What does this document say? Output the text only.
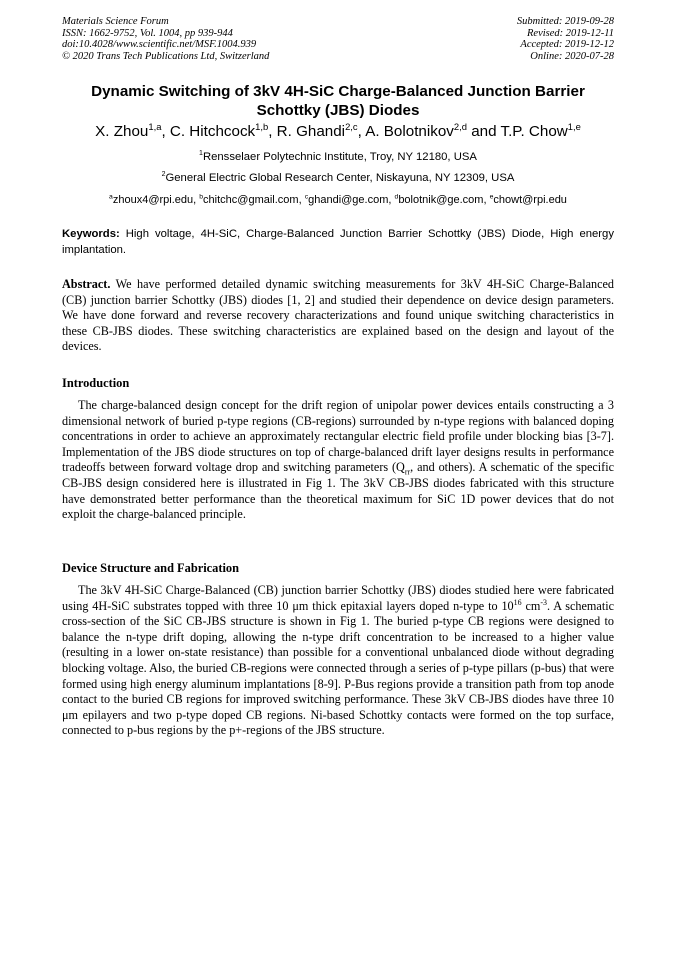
Materials Science Forum
ISSN: 1662-9752, Vol. 1004, pp 939-944
doi:10.4028/www.scientific.net/MSF.1004.939
© 2020 Trans Tech Publications Ltd, Switzerland
Submitted: 2019-09-28
Revised: 2019-12-11
Accepted: 2019-12-12
Online: 2020-07-28
Dynamic Switching of 3kV 4H-SiC Charge-Balanced Junction Barrier Schottky (JBS) Diodes
X. Zhou$^{1,a}$, C. Hitchcock$^{1,b}$, R. Ghandi$^{2,c}$, A. Bolotnikov$^{2,d}$ and T.P. Chow$^{1,e}$
$^1$Rensselaer Polytechnic Institute, Troy, NY 12180, USA
$^2$General Electric Global Research Center, Niskayuna, NY 12309, USA
$^a$zhoux4@rpi.edu, $^b$chitchc@gmail.com, $^c$ghandi@ge.com, $^d$bolotnik@ge.com, $^e$chowt@rpi.edu
Keywords: High voltage, 4H-SiC, Charge-Balanced Junction Barrier Schottky (JBS) Diode, High energy implantation.

Abstract. We have performed detailed dynamic switching measurements for 3kV 4H-SiC Charge-Balanced (CB) junction barrier Schottky (JBS) diodes [1, 2] and studied their dependence on device design parameters. We have done forward and reverse recovery characterizations and found unique switching characteristics in these CB-JBS diodes. These switching characteristics are explained based on the design and layout of the devices.

Introduction

The charge-balanced design concept for the drift region of unipolar power devices entails constructing a 3 dimensional network of buried p-type regions (CB-regions) surrounded by n-type regions with balanced doping concentrations in order to achieve an approximately rectangular electric field profile under blocking bias [3-7]. Implementation of the JBS diode structures on top of charge-balanced drift layer designs results in performance tradeoffs between forward voltage drop and switching parameters ($Q_{rr}$, and others). A schematic of the specific CB-JBS design considered here is illustrated in Fig 1. The 3kV CB-JBS diodes fabricated with this structure have demonstrated better performance than the theoretical maximum for SiC 1D power devices that do not exploit the charge-balanced principle.

Device Structure and Fabrication

The 3kV 4H-SiC Charge-Balanced (CB) junction barrier Schottky (JBS) diodes studied here were fabricated using 4H-SiC substrates topped with three 10 μm thick epitaxial layers doped n-type to $10^{16}$ $cm^{-3}$. A schematic cross-section of the SiC CB-JBS structure is shown in Fig 1. The buried p-type CB regions were designed to balance the n-type drift doping, allowing the n-type drift concentration to be increased to a higher value (resulting in a lower on-state resistance) than possible for a conventional unbalanced diode without degrading blocking voltage. Also, the buried CB-regions were connected through a series of p-type pillars (p-bus) that were formed using high energy aluminum implantations [8-9]. P-Bus regions provide a transition path from top anode contact to the buried CB regions for improved switching performance. These 3kV CB-JBS diodes have three 10 μm epilayers and two p-type doped CB regions. Ni-based Schottky contacts were formed on the top surface, connected to p-bus regions by the p+-regions of the JBS structure.
